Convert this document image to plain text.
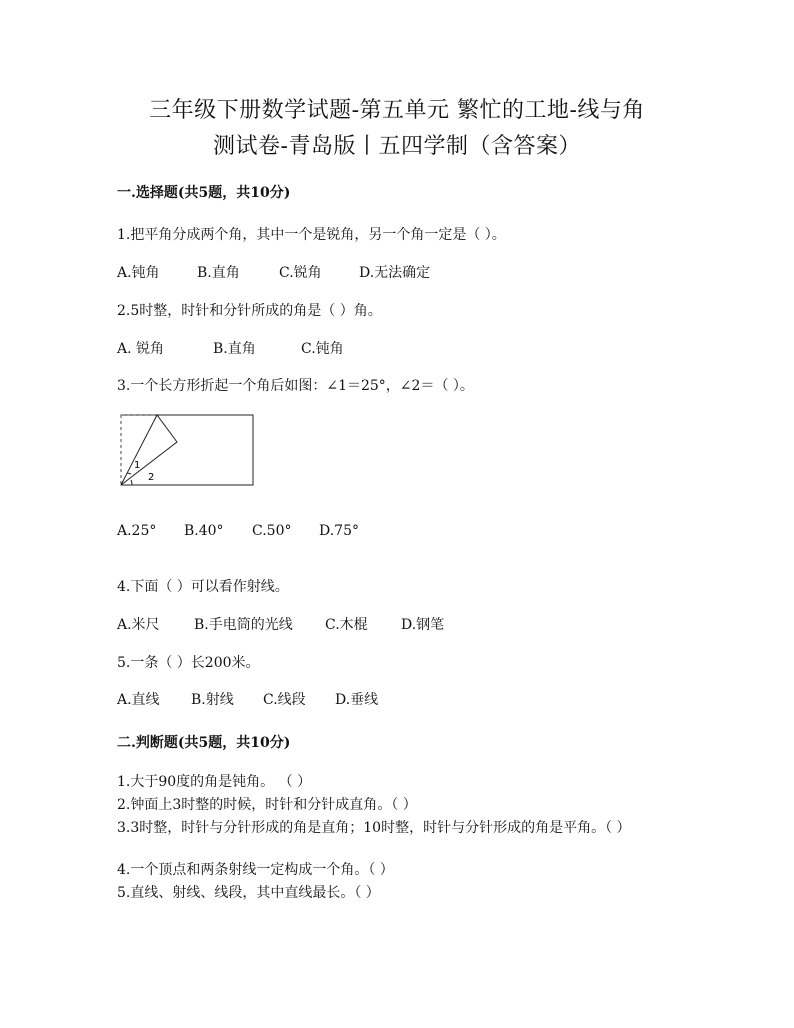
三年级下册数学试题-第五单元 繁忙的工地-线与角
测试卷-青岛版丨五四学制（含答案）
一.选择题(共5题，共10分)
1.把平角分成两个角，其中一个是锐角，另一个角一定是（ ）。
A.钝角	B.直角	C.锐角	D.无法确定
2.5时整，时针和分针所成的角是（ ）角。
A. 锐角	B.直角	C.钝角
3.一个长方形折起一个角后如图：∠1＝25°，∠2＝（ ）。
1
2
A.25° B.40° C.50° D.75°
4.下面（ ）可以看作射线。
A.米尺 B.手电筒的光线 C.木棍 D.钢笔
5.一条（ ）长200米。
A.直线 B.射线 C.线段 D.垂线
二.判断题(共5题，共10分)
1.大于90度的角是钝角。 （ ）
2.钟面上3时整的时候，时针和分针成直角。（ ）
3.3时整，时针与分针形成的角是直角；10时整，时针与分针形成的角是平角。（ ）
4.一个顶点和两条射线一定构成一个角。（ ）
5.直线、射线、线段，其中直线最长。（ ）
